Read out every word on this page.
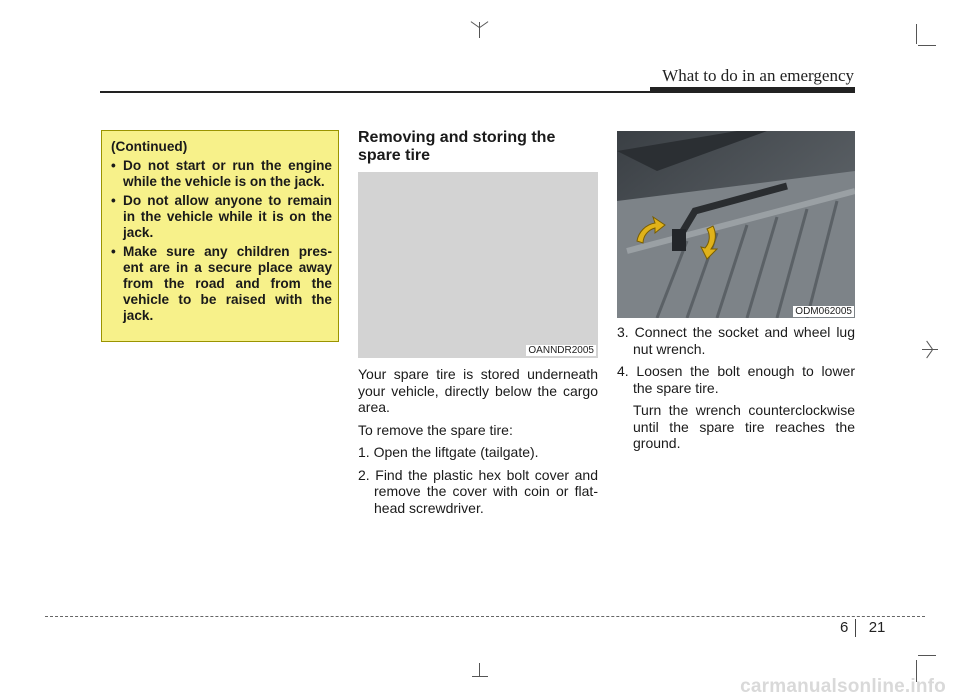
What to do in an emergency
(Continued)
• Do not start or run the engine while the vehicle is on the jack.
• Do not allow anyone to remain in the vehicle while it is on the jack.
• Make sure any children pres- ent are in a secure place away from the road and from the vehicle to be raised with the jack.
Removing and storing the spare tire
OANNDR2005

Your spare tire is stored underneath your vehicle, directly below the cargo area.

To remove the spare tire:

1. Open the liftgate (tailgate).

2. Find the plastic hex bolt cover and remove the cover with coin or flat- head screwdriver.

ODM062005

3. Connect the socket and wheel lug nut wrench.

4. Loosen the bolt enough to lower the spare tire.

Turn the wrench counterclockwise until the spare tire reaches the ground.

6 21
carmanualsonline.info
